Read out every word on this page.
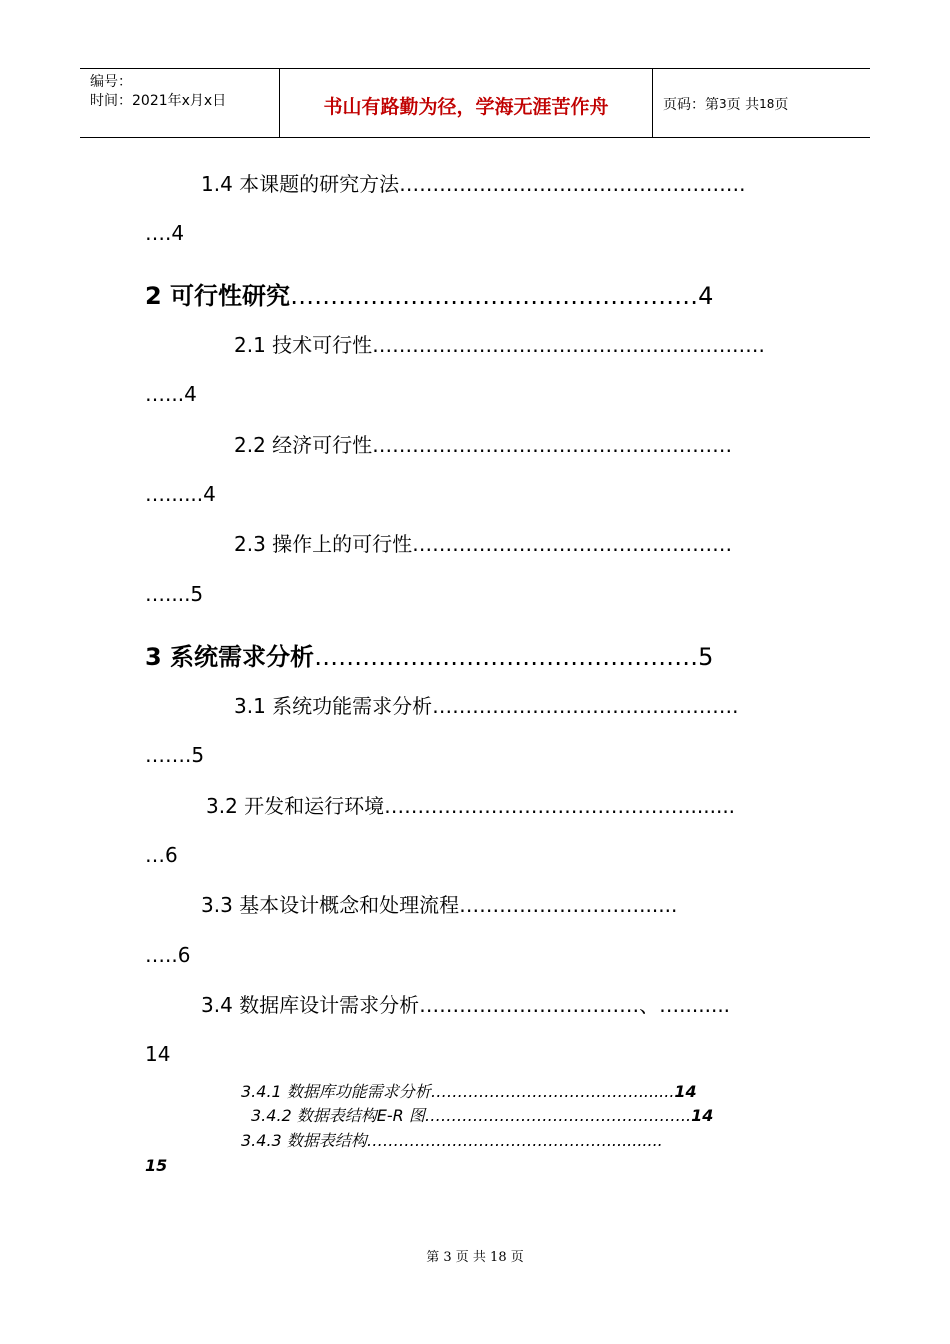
编号：
时间：2021年x月x日	书山有路勤为径，学海无涯苦作舟	页码：第 3 页 共 18 页
1.4 本课题的研究方法…………………………………………….
….4
2 可行性研究……………………………………………4
2.1 技术可行性……………………………………………….….
…...4
2.2 经济可行性………………………………………………
…......4
2.3 操作上的可行性…………………………………………
…....5
3 系统需求分析…………………………………………5
3.1 系统功能需求分析……………………………………….
…….5
3.2 开发和运行环境………………………………………........
…6
3.3 基本设计概念和处理流程………………………......
…..6
3.4 数据库设计需求分析……………………………、…........
14
3.4.1 数据库功能需求分析………………………………….......14
3.4.2 数据表结构E-R 图…………………………………………..14
3.4.3 数据表结构………………………………………...........
15
第 3 页 共 18 页
